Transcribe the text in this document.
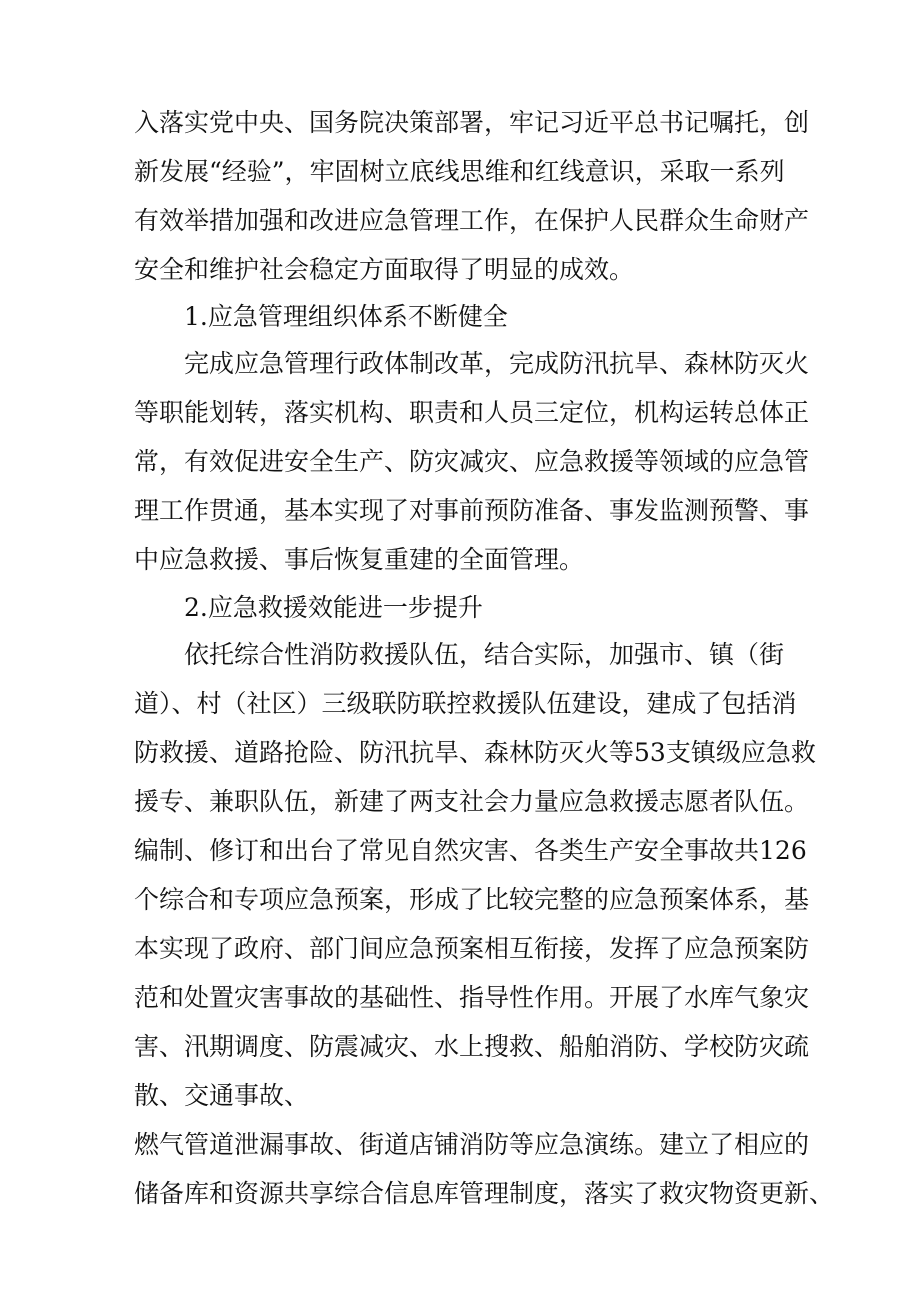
入落实党中央、国务院决策部署，牢记习近平总书记嘱托，创
新发展“经验”，牢固树立底线思维和红线意识，采取一系列
有效举措加强和改进应急管理工作，在保护人民群众生命财产
安全和维护社会稳定方面取得了明显的成效。
1.应急管理组织体系不断健全
完成应急管理行政体制改革，完成防汛抗旱、森林防灭火
等职能划转，落实机构、职责和人员三定位，机构运转总体正
常，有效促进安全生产、防灾减灾、应急救援等领域的应急管
理工作贯通，基本实现了对事前预防准备、事发监测预警、事
中应急救援、事后恢复重建的全面管理。
2.应急救援效能进一步提升
依托综合性消防救援队伍，结合实际，加强市、镇（街
道）、村（社区）三级联防联控救援队伍建设，建成了包括消
防救援、道路抢险、防汛抗旱、森林防灭火等53支镇级应急救
援专、兼职队伍，新建了两支社会力量应急救援志愿者队伍。
编制、修订和出台了常见自然灾害、各类生产安全事故共126
个综合和专项应急预案，形成了比较完整的应急预案体系，基
本实现了政府、部门间应急预案相互衔接，发挥了应急预案防
范和处置灾害事故的基础性、指导性作用。开展了水库气象灾
害、汛期调度、防震减灾、水上搜救、船舶消防、学校防灾疏
散、交通事故、
燃气管道泄漏事故、街道店铺消防等应急演练。建立了相应的
储备库和资源共享综合信息库管理制度，落实了救灾物资更新、
